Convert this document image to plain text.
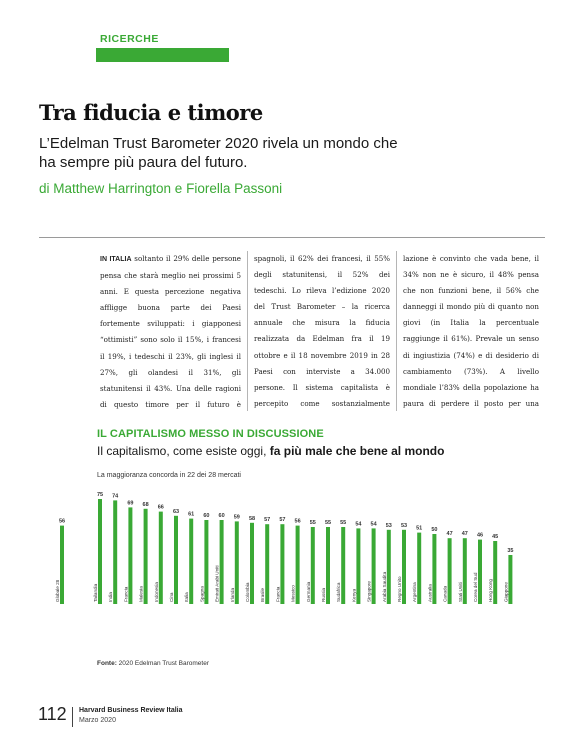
RICERCHE
Tra fiducia e timore

L’Edelman Trust Barometer 2020 rivela un mondo che ha sempre più paura del futuro.

di Matthew Harrington e Fiorella Passoni

IN ITALIA soltanto il 29% delle persone pensa che starà meglio nei prossimi 5 anni. E questa percezione negativa affligge buona parte dei Paesi fortemente sviluppati: i giapponesi “ottimisti” sono solo il 15%, i francesi il 19%, i tedeschi il 23%, gli inglesi il 27%, gli olandesi il 31%, gli statunitensi il 43%. Una delle ragioni di questo timore per il futuro è
spagnoli, il 62% dei francesi, il 55% degli statunitensi, il 52% dei tedeschi. Lo rileva l’edizione 2020 del Trust Barometer – la ricerca annuale che misura la fiducia realizzata da Edelman fra il 19 ottobre e il 18 novembre 2019 in 28 Paesi con interviste a 34.000 persone. Il sistema capitalista è percepito come sostanzialmente
lazione è convinto che vada bene, il 34% non ne è sicuro, il 48% pensa che non funzioni bene, il 56% che danneggi il mondo più di quanto non giovi (in Italia la percentuale raggiunge il 61%). Prevale un senso di ingiustizia (74%) e di desiderio di cambiamento (73%). A livello mondiale l’83% della popolazione ha paura di perdere il posto per una
IL CAPITALISMO MESSO IN DISCUSSIONE
Il capitalismo, come esiste oggi, fa più male che bene al mondo
La maggioranza concorda in 22 dei 28 mercati
56
Globale 28
75
Tailandia
74
India
69
Francia
68
Malesia
66
Indonesia
63
Cina
61
Italia
60
Spagna
60
Emirati Arabi Uniti
59
Irlanda
58
Colombia
57
Brasile
57
Francia
56
Messico
55
Germania
55
Russia
55
Sudafrica
54
Kenya
54
Singapore
53
Arabia Saudita
53
Regno Unito
51
Argentina
50
Australia
47
Canada
47
Stati Uniti
46
Corea del Sud
45
Hong Kong
35
Giappone
Fonte: 2020 Edelman Trust Barometer
112 Harvard Business Review Italia
Marzo 2020
